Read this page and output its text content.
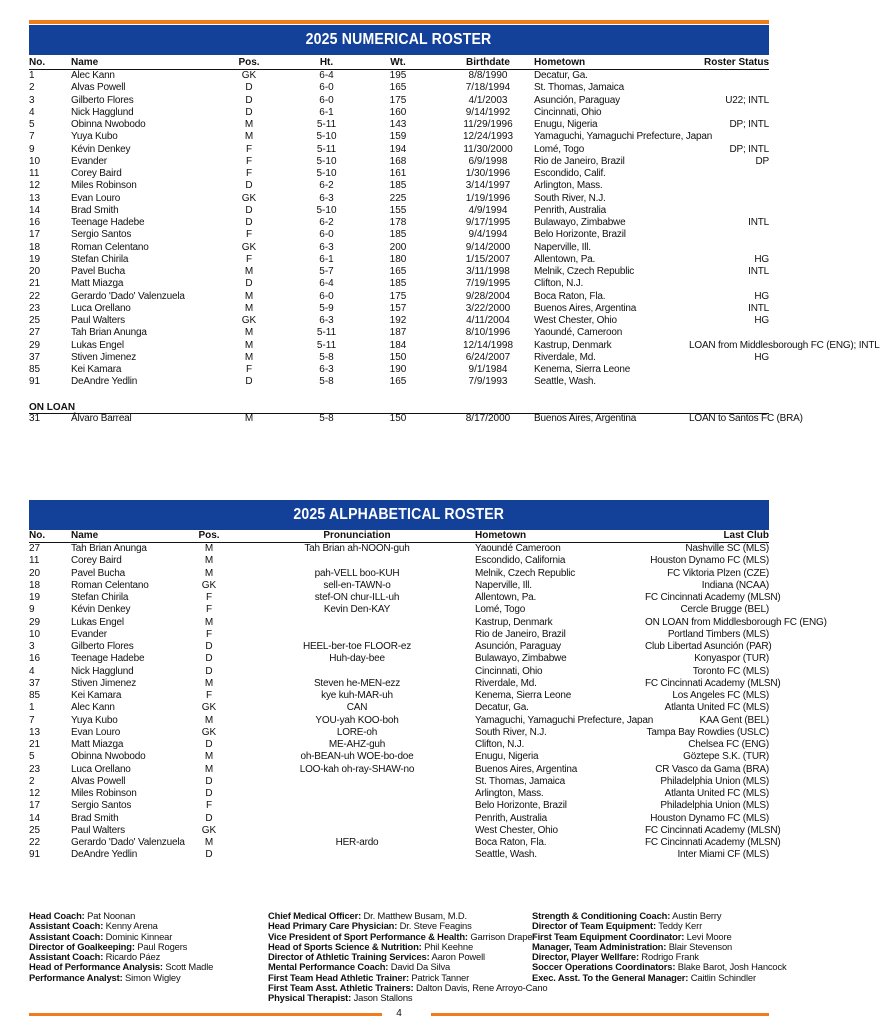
2025 NUMERICAL ROSTER
No.	Name	Pos.	Ht.	Wt.	Birthdate	Hometown	Roster Status
1	Alec Kann	GK	6-4	195	8/8/1990	Decatur, Ga.	
2	Alvas Powell	D	6-0	165	7/18/1994	St. Thomas, Jamaica	
3	Gilberto Flores	D	6-0	175	4/1/2003	Asunción, Paraguay	U22; INTL
4	Nick Hagglund	D	6-1	160	9/14/1992	Cincinnati, Ohio	
5	Obinna Nwobodo	M	5-11	143	11/29/1996	Enugu, Nigeria	DP; INTL
7	Yuya Kubo	M	5-10	159	12/24/1993	Yamaguchi, Yamaguchi Prefecture, Japan	
9	Kévin Denkey	F	5-11	194	11/30/2000	Lomé, Togo	DP; INTL
10	Evander	F	5-10	168	6/9/1998	Rio de Janeiro, Brazil	DP
11	Corey Baird	F	5-10	161	1/30/1996	Escondido, Calif.	
12	Miles Robinson	D	6-2	185	3/14/1997	Arlington, Mass.	
13	Evan Louro	GK	6-3	225	1/19/1996	South River, N.J.	
14	Brad Smith	D	5-10	155	4/9/1994	Penrith, Australia	
16	Teenage Hadebe	D	6-2	178	9/17/1995	Bulawayo, Zimbabwe	INTL
17	Sergio Santos	F	6-0	185	9/4/1994	Belo Horizonte, Brazil	
18	Roman Celentano	GK	6-3	200	9/14/2000	Naperville, Ill.	
19	Stefan Chirila	F	6-1	180	1/15/2007	Allentown, Pa.	HG
20	Pavel Bucha	M	5-7	165	3/11/1998	Melnik, Czech Republic	INTL
21	Matt Miazga	D	6-4	185	7/19/1995	Clifton, N.J.	
22	Gerardo 'Dado' Valenzuela	M	6-0	175	9/28/2004	Boca Raton, Fla.	HG
23	Luca Orellano	M	5-9	157	3/22/2000	Buenos Aires, Argentina	INTL
25	Paul Walters	GK	6-3	192	4/11/2004	West Chester, Ohio	HG
27	Tah Brian Anunga	M	5-11	187	8/10/1996	Yaoundé, Cameroon	
29	Lukas Engel	M	5-11	184	12/14/1998	Kastrup, Denmark	LOAN from Middlesborough FC (ENG); INTL
37	Stiven Jimenez	M	5-8	150	6/24/2007	Riverdale, Md.	HG
85	Kei Kamara	F	6-3	190	9/1/1984	Kenema, Sierra Leone	
91	DeAndre Yedlin	D	5-8	165	7/9/1993	Seattle, Wash.	
ON LOAN
31	Álvaro Barreal	M	5-8	150	8/17/2000	Buenos Aires, Argentina	LOAN to Santos FC (BRA)
2025 ALPHABETICAL ROSTER
No.	Name	Pos.	Pronunciation	Hometown	Last Club
27	Tah Brian Anunga	M	Tah Brian ah-NOON-guh	Yaoundé Cameroon	Nashville SC (MLS)
11	Corey Baird	M		Escondido, California	Houston Dynamo FC (MLS)
20	Pavel Bucha	M	pah-VELL boo-KUH	Melnik, Czech Republic	FC Viktoria Plzen (CZE)
18	Roman Celentano	GK	sell-en-TAWN-o	Naperville, Ill.	Indiana (NCAA)
19	Stefan Chirila	F	stef-ON chur-ILL-uh	Allentown, Pa.	FC Cincinnati Academy (MLSN)
9	Kévin Denkey	F	Kevin Den-KAY	Lomé, Togo	Cercle Brugge (BEL)
29	Lukas Engel	M		Kastrup, Denmark	ON LOAN from Middlesborough FC (ENG)
10	Evander	F		Rio de Janeiro, Brazil	Portland Timbers (MLS)
3	Gilberto Flores	D	HEEL-ber-toe FLOOR-ez	Asunción, Paraguay	Club Libertad Asunción (PAR)
16	Teenage Hadebe	D	Huh-day-bee	Bulawayo, Zimbabwe	Konyaspor (TUR)
4	Nick Hagglund	D		Cincinnati, Ohio	Toronto FC (MLS)
37	Stiven Jimenez	M	Steven he-MEN-ezz	Riverdale, Md.	FC Cincinnati Academy (MLSN)
85	Kei Kamara	F	kye kuh-MAR-uh	Kenema, Sierra Leone	Los Angeles FC (MLS)
1	Alec Kann	GK	CAN	Decatur, Ga.	Atlanta United FC (MLS)
7	Yuya Kubo	M	YOU-yah KOO-boh	Yamaguchi, Yamaguchi Prefecture, Japan	KAA Gent (BEL)
13	Evan Louro	GK	LORE-oh	South River, N.J.	Tampa Bay Rowdies (USLC)
21	Matt Miazga	D	ME-AHZ-guh	Clifton, N.J.	Chelsea FC (ENG)
5	Obinna Nwobodo	M	oh-BEAN-uh WOE-bo-doe	Enugu, Nigeria	Göztepe S.K. (TUR)
23	Luca Orellano	M	LOO-kah oh-ray-SHAW-no	Buenos Aires, Argentina	CR Vasco da Gama (BRA)
2	Alvas Powell	D		St. Thomas, Jamaica	Philadelphia Union (MLS)
12	Miles Robinson	D		Arlington, Mass.	Atlanta United FC (MLS)
17	Sergio Santos	F		Belo Horizonte, Brazil	Philadelphia Union (MLS)
14	Brad Smith	D		Penrith, Australia	Houston Dynamo FC (MLS)
25	Paul Walters	GK		West Chester, Ohio	FC Cincinnati Academy (MLSN)
22	Gerardo 'Dado' Valenzuela	M	HER-ardo	Boca Raton, Fla.	FC Cincinnati Academy (MLSN)
91	DeAndre Yedlin	D		Seattle, Wash.	Inter Miami CF (MLS)
Head Coach: Pat Noonan
Assistant Coach: Kenny Arena
Assistant Coach: Dominic Kinnear
Director of Goalkeeping: Paul Rogers
Assistant Coach: Ricardo Páez
Head of Performance Analysis: Scott Madle
Performance Analyst: Simon Wigley
Chief Medical Officer: Dr. Matthew Busam, M.D.
Head Primary Care Physician: Dr. Steve Feagins
Vice President of Sport Performance & Health: Garrison Draper
Head of Sports Science & Nutrition: Phil Keehne
Director of Athletic Training Services: Aaron Powell
Mental Performance Coach: David Da Silva
First Team Head Athletic Trainer: Patrick Tanner
First Team Asst. Athletic Trainers: Dalton Davis, Rene Arroyo-Cano
Physical Therapist: Jason Stallons
Strength & Conditioning Coach: Austin Berry
Director of Team Equipment: Teddy Kerr
First Team Equipment Coordinator: Levi Moore
Manager, Team Administration: Blair Stevenson
Director, Player Wellfare: Rodrigo Frank
Soccer Operations Coordinators: Blake Barot, Josh Hancock
Exec. Asst. To the General Manager: Caitlin Schindler
4
